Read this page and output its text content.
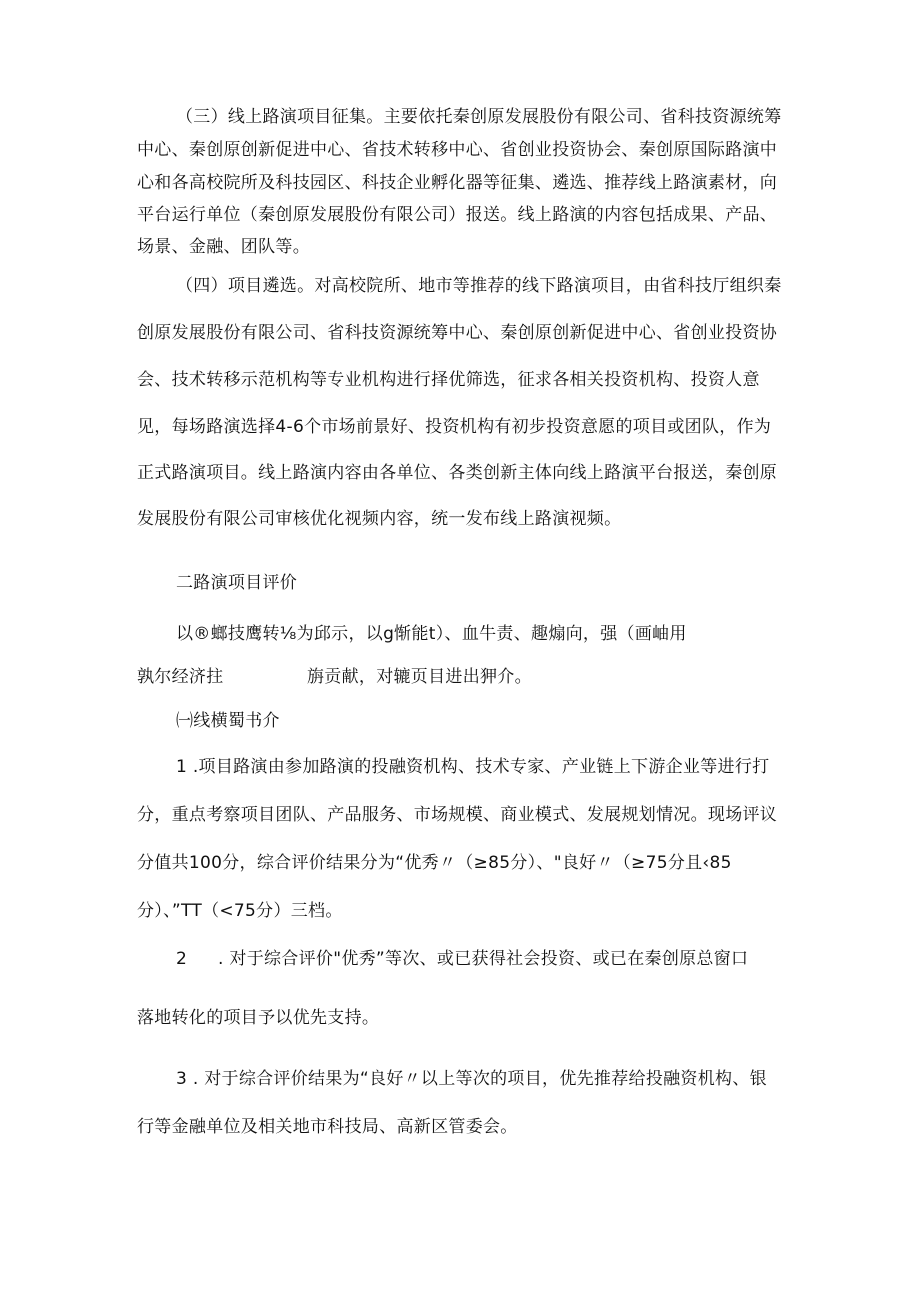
（三）线上路演项目征集。主要依托秦创原发展股份有限公司、省科技资源统筹
中心、秦创原创新促进中心、省技术转移中心、省创业投资协会、秦创原国际路演中
心和各高校院所及科技园区、科技企业孵化器等征集、遴选、推荐线上路演素材，向
平台运行单位（秦创原发展股份有限公司）报送。线上路演的内容包括成果、产品、
场景、金融、团队等。
（四）项目遴选。对高校院所、地市等推荐的线下路演项目，由省科技厅组织秦
创原发展股份有限公司、省科技资源统筹中心、秦创原创新促进中心、省创业投资协
会、技术转移示范机构等专业机构进行择优筛选，征求各相关投资机构、投资人意
见，每场路演选择4-6个市场前景好、投资机构有初步投资意愿的项目或团队，作为
正式路演项目。线上路演内容由各单位、各类创新主体向线上路演平台报送，秦创原
发展股份有限公司审核优化视频内容，统一发布线上路演视频。
二路演项目评价
以®螂技鹰转⅛为邱示，以g惭能t）、血牛责、趣煽向，强（画岫用
孰尔经济拄	旃贡献，对辘页目进出狎介。
㈠线横蜀书介
1 .项目路演由参加路演的投融资机构、技术专家、产业链上下游企业等进行打
分，重点考察项目团队、产品服务、市场规模、商业模式、发展规划情况。现场评议
分值共100分，综合评价结果分为“优秀〃（≥85分）、"良好〃（≥75分且‹85
分）、”TT（<75分）三档。
2 . 对于综合评价"优秀”等次、或已获得社会投资、或已在秦创原总窗口
落地转化的项目予以优先支持。
3 . 对于综合评价结果为“良好〃以上等次的项目，优先推荐给投融资机构、银
行等金融单位及相关地市科技局、高新区管委会。
